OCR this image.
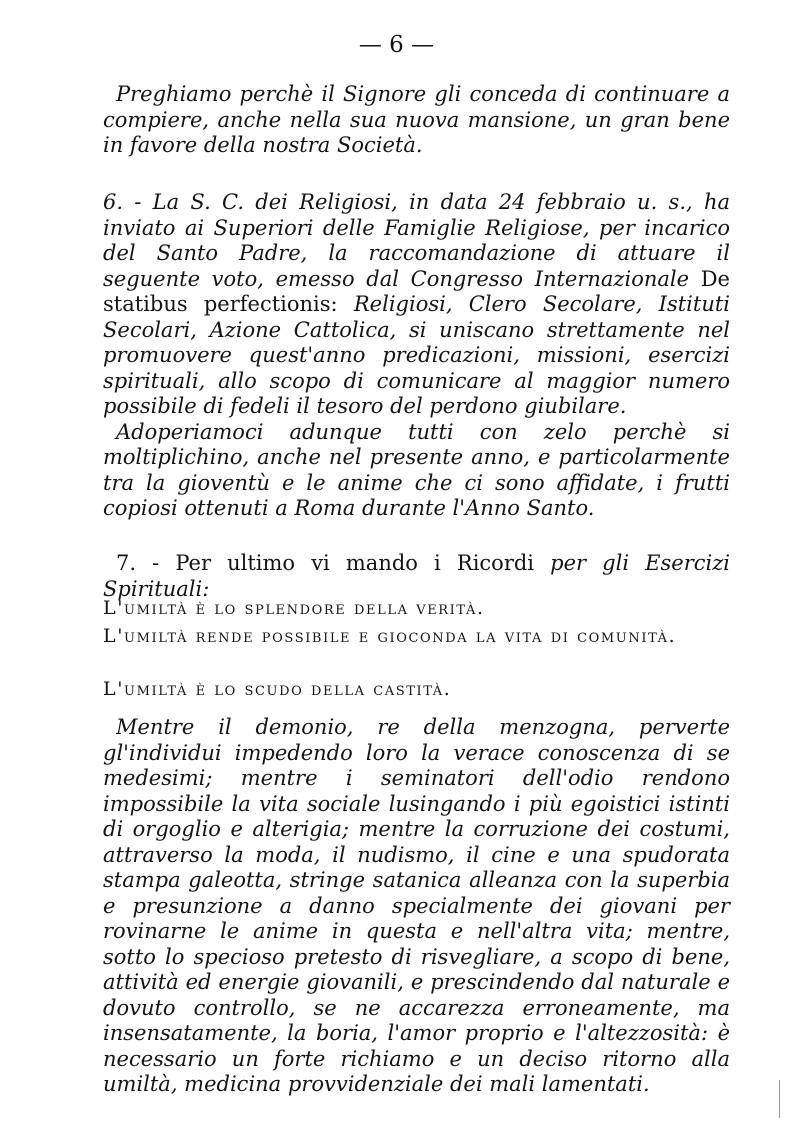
— 6 —

Preghiamo perchè il Signore gli conceda di continuare a compiere, anche nella sua nuova mansione, un gran bene in favore della nostra Società.

6. - La S. C. dei Religiosi, in data 24 febbraio u. s., ha inviato ai Superiori delle Famiglie Religiose, per incarico del Santo Padre, la raccomandazione di attuare il seguente voto, emesso dal Congresso Internazionale De statibus perfectionis: Religiosi, Clero Secolare, Istituti Secolari, Azione Cattolica, si uniscano strettamente nel promuovere quest'anno predicazioni, missioni, esercizi spirituali, allo scopo di comunicare al maggior numero possibile di fedeli il tesoro del perdono giubilare.

Adoperiamoci adunque tutti con zelo perchè si moltiplichino, anche nel presente anno, e particolarmente tra la gioventù e le anime che ci sono affidate, i frutti copiosi ottenuti a Roma durante l'Anno Santo.

7. - Per ultimo vi mando i Ricordi per gli Esercizi Spirituali:

L'umiltà è lo splendore della verità.

L'umiltà rende possibile e gioconda la vita di comunità.

L'umiltà è lo scudo della castità.

Mentre il demonio, re della menzogna, perverte gl'individui impedendo loro la verace conoscenza di se medesimi; mentre i seminatori dell'odio rendono impossibile la vita sociale lusingando i più egoistici istinti di orgoglio e alterigia; mentre la corruzione dei costumi, attraverso la moda, il nudismo, il cine e una spudorata stampa galeotta, stringe satanica alleanza con la superbia e presunzione a danno specialmente dei giovani per rovinarne le anime in questa e nell'altra vita; mentre, sotto lo specioso pretesto di risvegliare, a scopo di bene, attività ed energie giovanili, e prescindendo dal naturale e dovuto controllo, se ne accarezza erroneamente, ma insensatamente, la boria, l'amor proprio e l'altezzosità: è necessario un forte richiamo e un deciso ritorno alla umiltà, medicina provvidenziale dei mali lamentati.
